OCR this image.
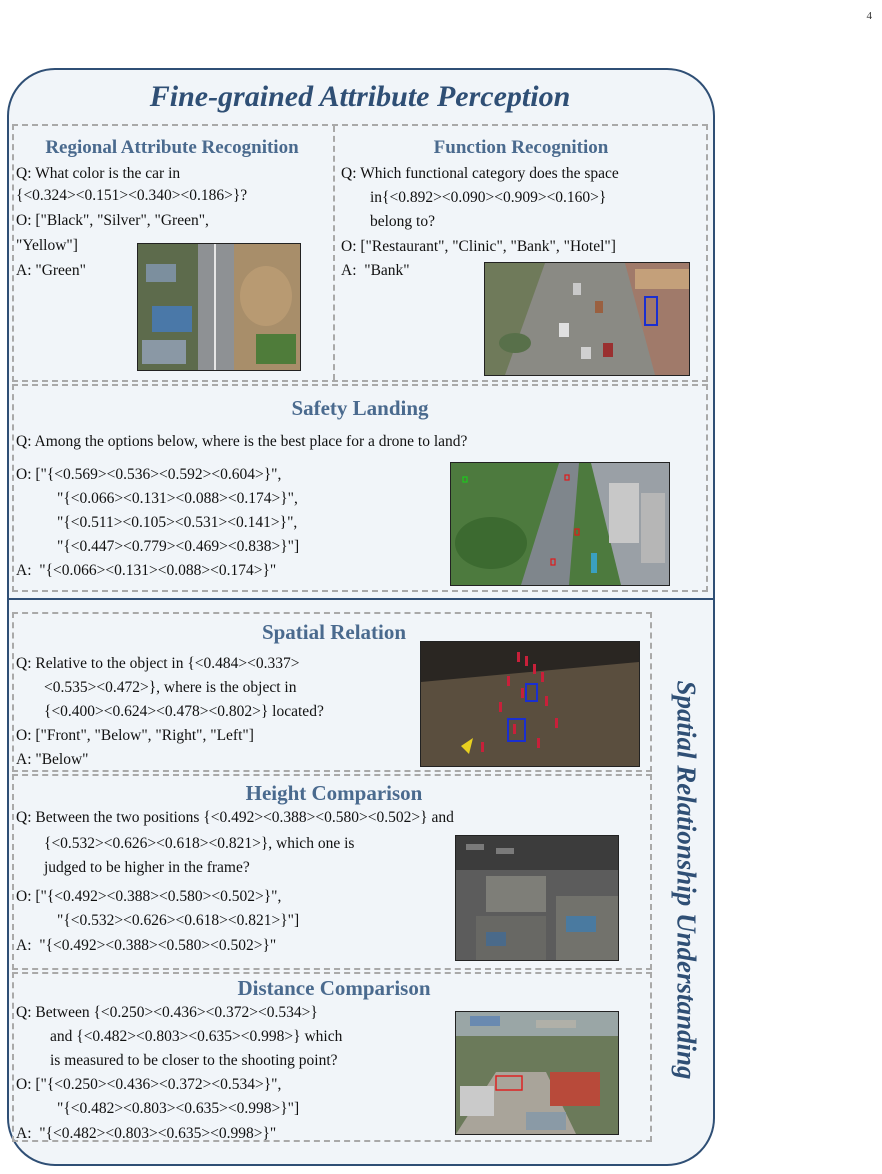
4
Fine-grained Attribute Perception
Regional Attribute Recognition
Q: What color is the car in
{<0.324><0.151><0.340><0.186>}?
O: ["Black", "Silver", "Green",
"Yellow"]
A: "Green"
Function Recognition
Q: Which functional category does the space
in{<0.892><0.090><0.909><0.160>}
belong to?
O: ["Restaurant", "Clinic", "Bank", "Hotel"]
A:  "Bank"
Safety Landing
Q: Among the options below, where is the best place for a drone to land?
O: ["{<0.569><0.536><0.592><0.604>}",
"{<0.066><0.131><0.088><0.174>}",
"{<0.511><0.105><0.531><0.141>}",
"{<0.447><0.779><0.469><0.838>}"]
A:  "{<0.066><0.131><0.088><0.174>}"
Spatial Relation
Q: Relative to the object in {<0.484><0.337>
<0.535><0.472>}, where is the object in
{<0.400><0.624><0.478><0.802>} located?
O: ["Front", "Below", "Right", "Left"]
A: "Below"
Height Comparison
Q: Between the two positions {<0.492><0.388><0.580><0.502>} and
{<0.532><0.626><0.618><0.821>}, which one is
judged to be higher in the frame?
O: ["{<0.492><0.388><0.580><0.502>}",
"{<0.532><0.626><0.618><0.821>}"]
A:  "{<0.492><0.388><0.580><0.502>}"
Distance Comparison
Q: Between {<0.250><0.436><0.372><0.534>}
and {<0.482><0.803><0.635><0.998>} which
is measured to be closer to the shooting point?
O: ["{<0.250><0.436><0.372><0.534>}",
"{<0.482><0.803><0.635><0.998>}"]
A:  "{<0.482><0.803><0.635><0.998>}"
Spatial Relationship Understanding
